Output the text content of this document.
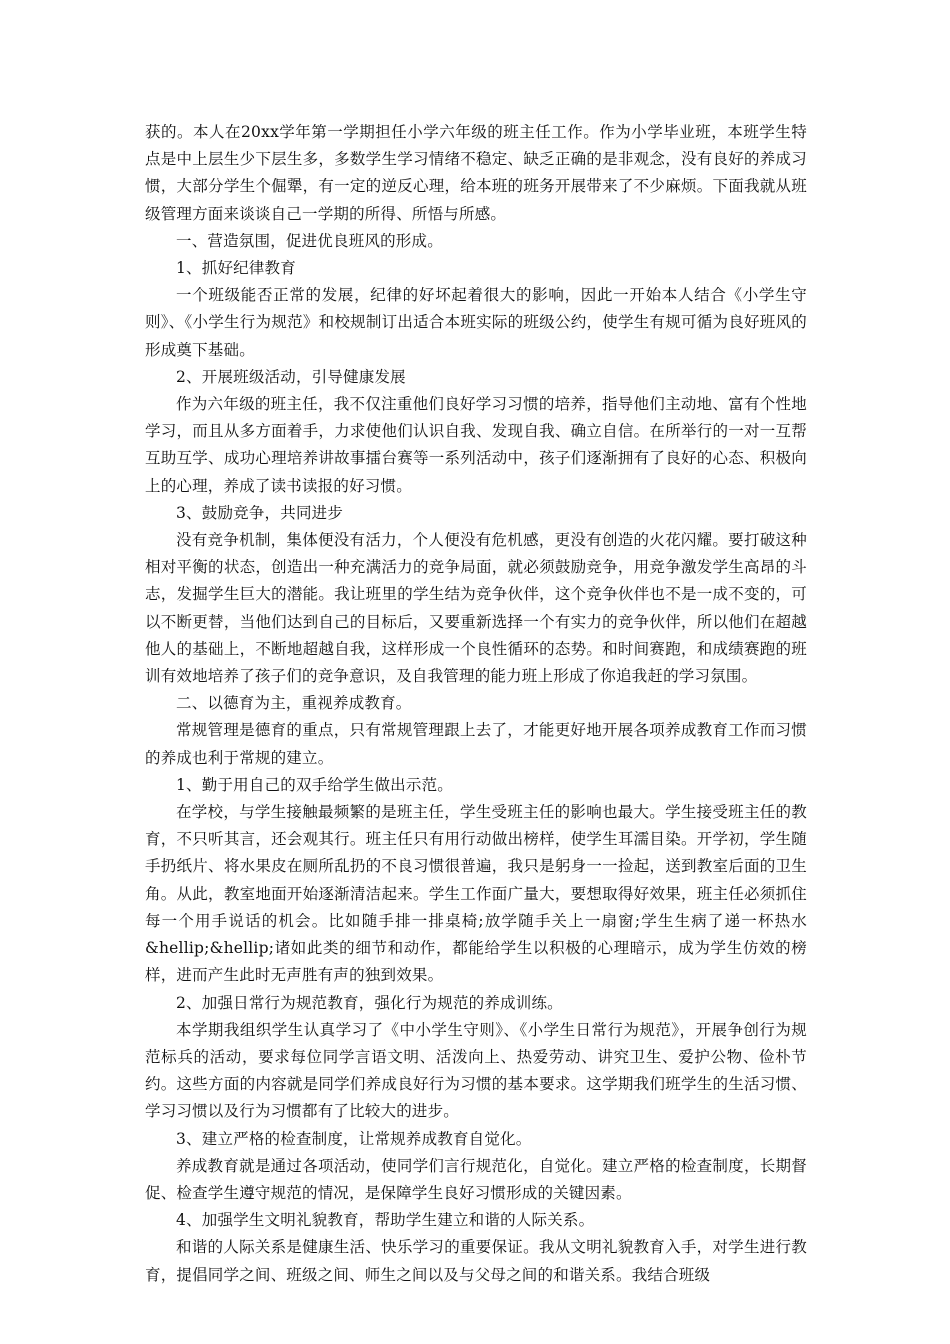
获的。本人在20xx学年第一学期担任小学六年级的班主任工作。作为小学毕业班，本班学生特点是中上层生少下层生多，多数学生学习情绪不稳定、缺乏正确的是非观念，没有良好的养成习惯，大部分学生个倔犟，有一定的逆反心理，给本班的班务开展带来了不少麻烦。下面我就从班级管理方面来谈谈自己一学期的所得、所悟与所感。

一、营造氛围，促进优良班风的形成。

1、抓好纪律教育

一个班级能否正常的发展，纪律的好坏起着很大的影响，因此一开始本人结合《小学生守则》、《小学生行为规范》和校规制订出适合本班实际的班级公约，使学生有规可循为良好班风的形成奠下基础。

2、开展班级活动，引导健康发展

作为六年级的班主任，我不仅注重他们良好学习习惯的培养，指导他们主动地、富有个性地学习，而且从多方面着手，力求使他们认识自我、发现自我、确立自信。在所举行的一对一互帮互助互学、成功心理培养讲故事擂台赛等一系列活动中，孩子们逐渐拥有了良好的心态、积极向上的心理，养成了读书读报的好习惯。

3、鼓励竞争，共同进步

没有竞争机制，集体便没有活力，个人便没有危机感，更没有创造的火花闪耀。要打破这种相对平衡的状态，创造出一种充满活力的竞争局面，就必须鼓励竞争，用竞争激发学生高昂的斗志，发掘学生巨大的潜能。我让班里的学生结为竞争伙伴，这个竞争伙伴也不是一成不变的，可以不断更替，当他们达到自己的目标后，又要重新选择一个有实力的竞争伙伴，所以他们在超越他人的基础上，不断地超越自我，这样形成一个良性循环的态势。和时间赛跑，和成绩赛跑的班训有效地培养了孩子们的竞争意识，及自我管理的能力班上形成了你追我赶的学习氛围。

二、以德育为主，重视养成教育。

常规管理是德育的重点，只有常规管理跟上去了，才能更好地开展各项养成教育工作而习惯的养成也利于常规的建立。

1、勤于用自己的双手给学生做出示范。

在学校，与学生接触最频繁的是班主任，学生受班主任的影响也最大。学生接受班主任的教育，不只听其言，还会观其行。班主任只有用行动做出榜样，使学生耳濡目染。开学初，学生随手扔纸片、将水果皮在厕所乱扔的不良习惯很普遍，我只是躬身一一捡起，送到教室后面的卫生角。从此，教室地面开始逐渐清洁起来。学生工作面广量大，要想取得好效果，班主任必须抓住每一个用手说话的机会。比如随手排一排桌椅;放学随手关上一扇窗;学生生病了递一杯热水&hellip;&hellip;诸如此类的细节和动作，都能给学生以积极的心理暗示，成为学生仿效的榜样，进而产生此时无声胜有声的独到效果。

2、加强日常行为规范教育，强化行为规范的养成训练。

本学期我组织学生认真学习了《中小学生守则》、《小学生日常行为规范》，开展争创行为规范标兵的活动，要求每位同学言语文明、活泼向上、热爱劳动、讲究卫生、爱护公物、俭朴节约。这些方面的内容就是同学们养成良好行为习惯的基本要求。这学期我们班学生的生活习惯、学习习惯以及行为习惯都有了比较大的进步。

3、建立严格的检查制度，让常规养成教育自觉化。

养成教育就是通过各项活动，使同学们言行规范化，自觉化。建立严格的检查制度，长期督促、检查学生遵守规范的情况，是保障学生良好习惯形成的关键因素。

4、加强学生文明礼貌教育，帮助学生建立和谐的人际关系。

和谐的人际关系是健康生活、快乐学习的重要保证。我从文明礼貌教育入手，对学生进行教育，提倡同学之间、班级之间、师生之间以及与父母之间的和谐关系。我结合班级
